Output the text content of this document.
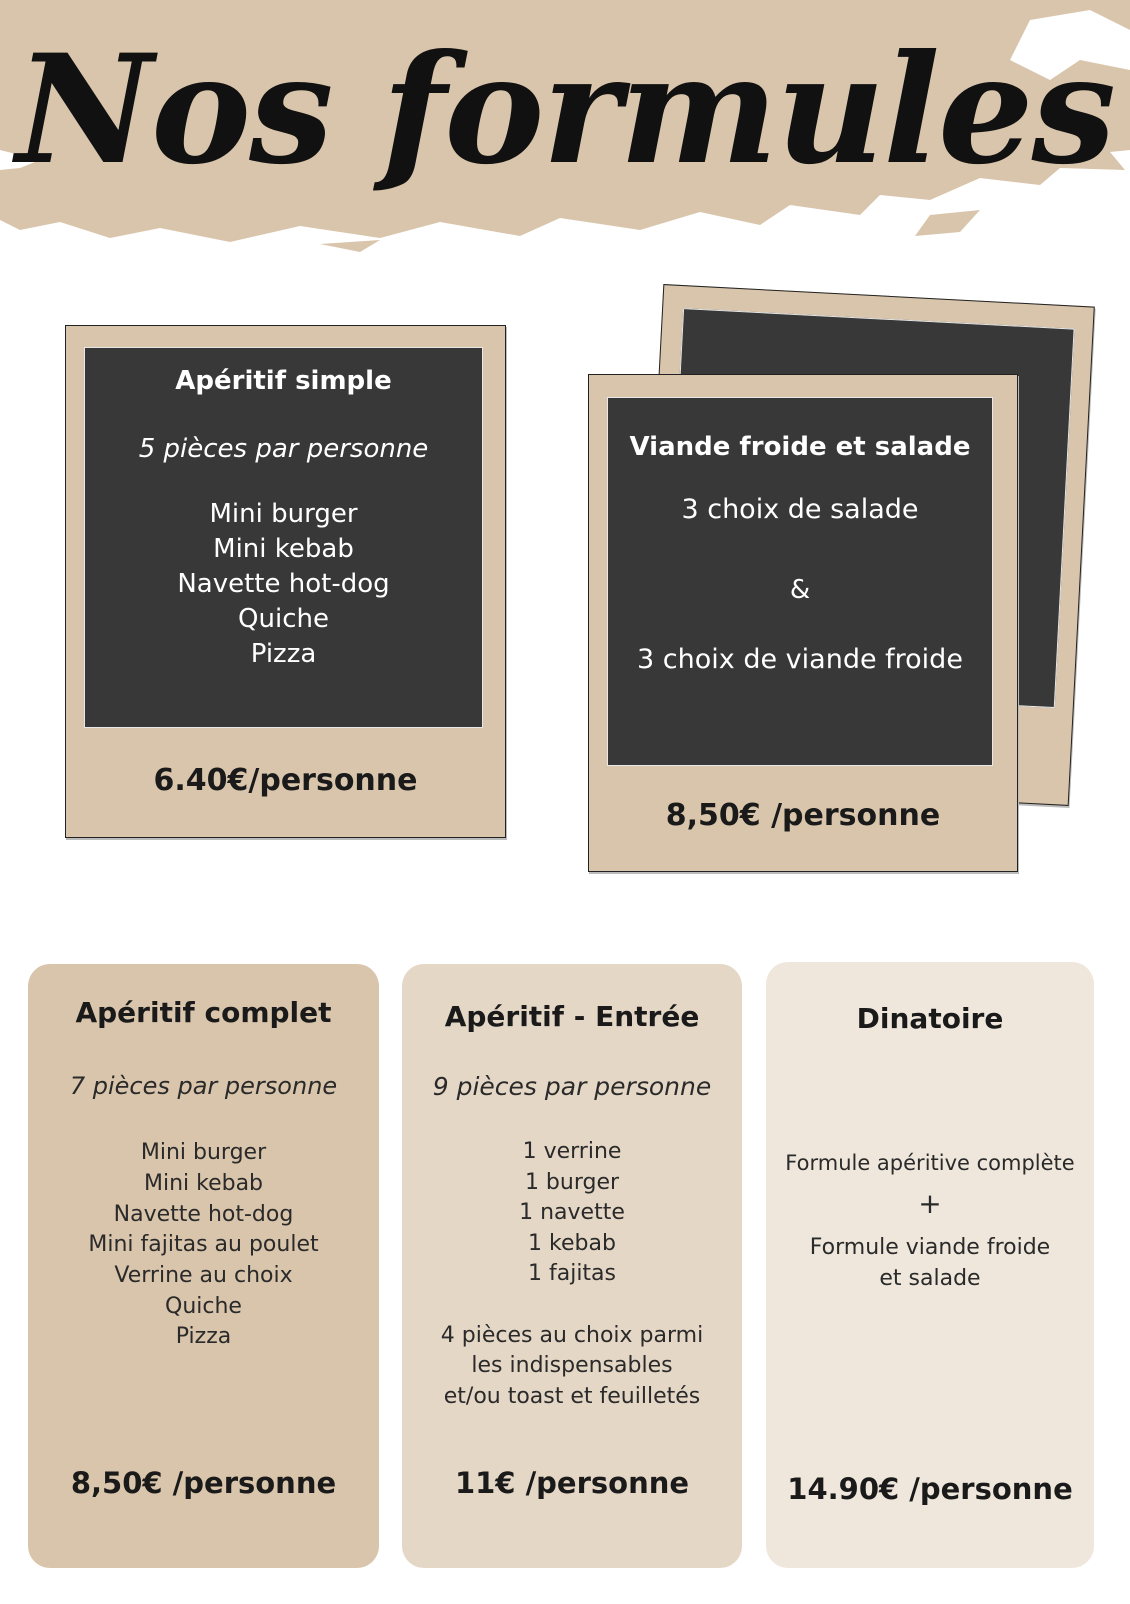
Nos formules
Apéritif simple
5 pièces par personne
Mini burger
Mini kebab
Navette hot-dog
Quiche
Pizza
6.40€/personne
Viande froide et salade
3 choix de salade
&
3 choix de viande froide
8,50€ /personne
Apéritif complet
7 pièces par personne
Mini burger
Mini kebab
Navette hot-dog
Mini fajitas au poulet
Verrine au choix
Quiche
Pizza
8,50€ /personne
Apéritif - Entrée
9 pièces par personne
1 verrine
1 burger
1 navette
1 kebab
1 fajitas
4 pièces au choix parmi
les indispensables
et/ou toast et feuilletés
11€ /personne
Dinatoire
Formule apéritive complète
+
Formule viande froide
et salade
14.90€ /personne
